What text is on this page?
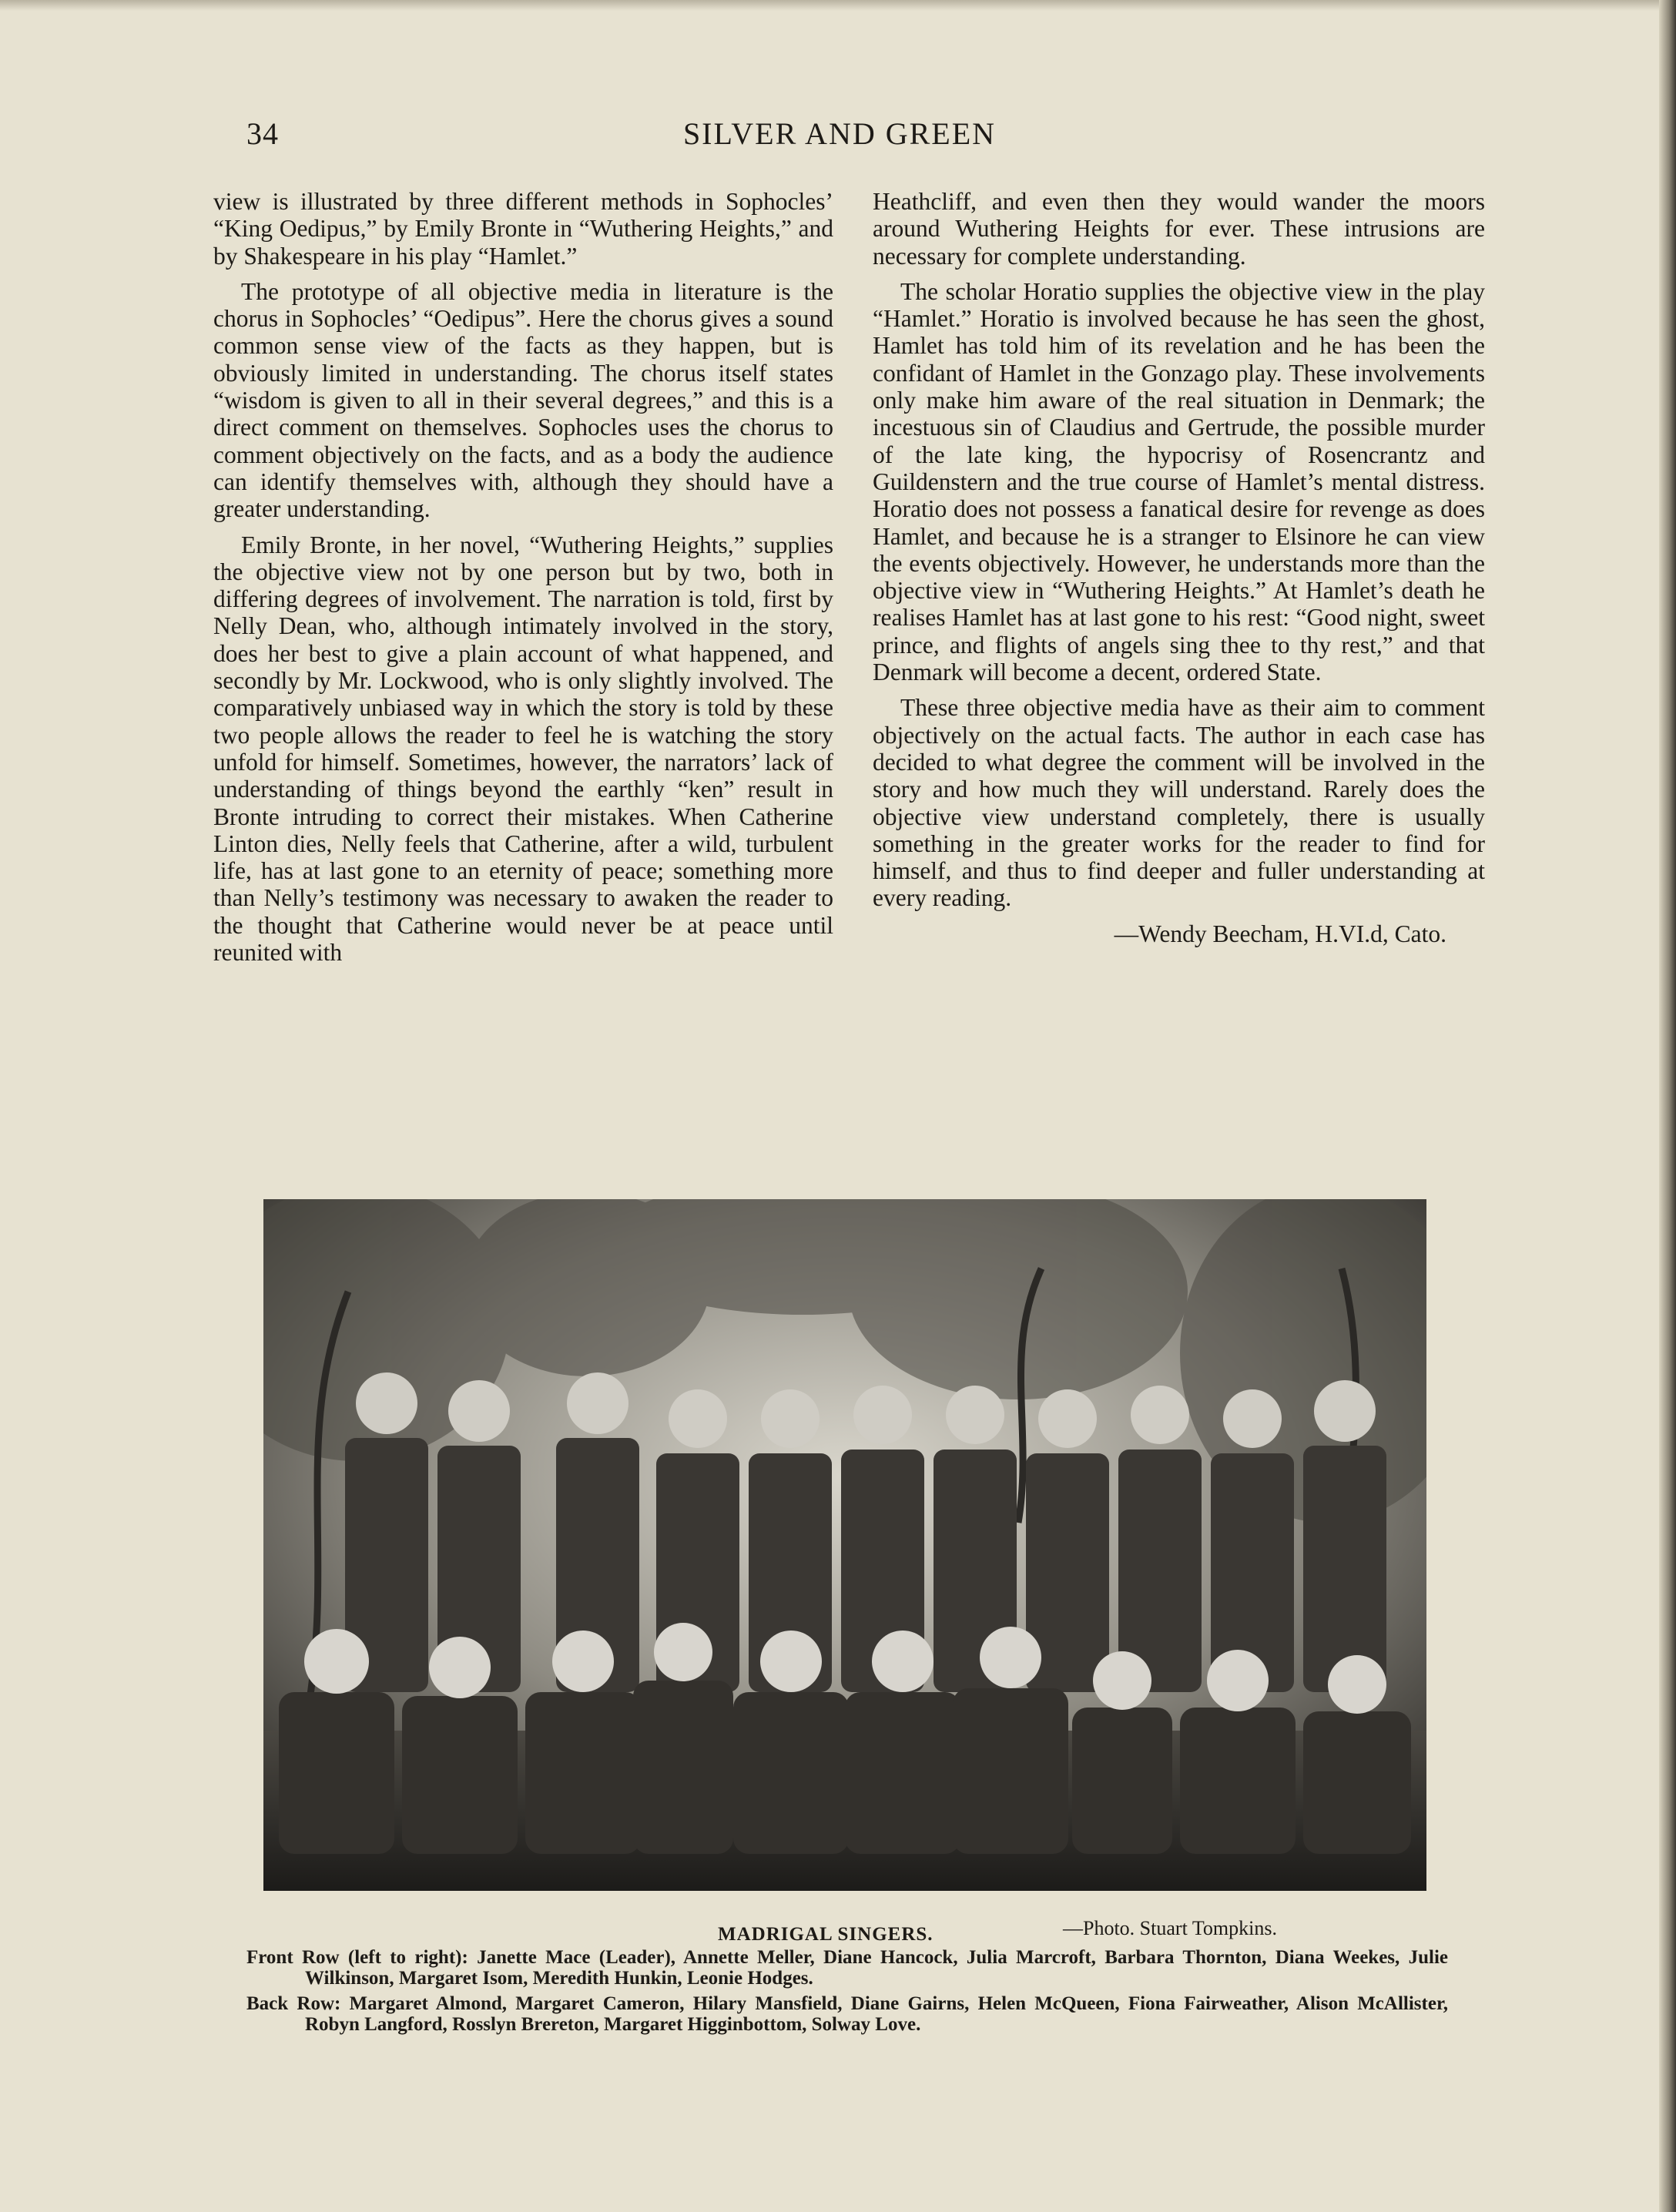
34	SILVER AND GREEN

view is illustrated by three different methods in Sophocles’ “King Oedipus,” by Emily Bronte in “Wuthering Heights,” and by Shakespeare in his play “Hamlet.”

The prototype of all objective media in literature is the chorus in Sophocles’ “Oedipus”. Here the chorus gives a sound common sense view of the facts as they happen, but is obviously limited in understanding. The chorus itself states “wisdom is given to all in their several degrees,” and this is a direct comment on themselves. Sophocles uses the chorus to comment objectively on the facts, and as a body the audience can identify themselves with, although they should have a greater understanding.

Emily Bronte, in her novel, “Wuthering Heights,” supplies the objective view not by one person but by two, both in differing degrees of involvement. The narration is told, first by Nelly Dean, who, although intimately involved in the story, does her best to give a plain account of what happened, and secondly by Mr. Lockwood, who is only slightly involved. The comparatively unbiased way in which the story is told by these two people allows the reader to feel he is watching the story unfold for himself. Sometimes, however, the narrators’ lack of understanding of things beyond the earthly “ken” result in Bronte intruding to correct their mistakes. When Catherine Linton dies, Nelly feels that Catherine, after a wild, turbulent life, has at last gone to an eternity of peace; something more than Nelly’s testimony was necessary to awaken the reader to the thought that Catherine would never be at peace until reunited with

Heathcliff, and even then they would wander the moors around Wuthering Heights for ever. These intrusions are necessary for complete understanding.

The scholar Horatio supplies the objective view in the play “Hamlet.” Horatio is involved because he has seen the ghost, Hamlet has told him of its revelation and he has been the confidant of Hamlet in the Gonzago play. These involvements only make him aware of the real situation in Denmark; the incestuous sin of Claudius and Gertrude, the possible murder of the late king, the hypocrisy of Rosencrantz and Guildenstern and the true course of Hamlet’s mental distress. Horatio does not possess a fanatical desire for revenge as does Hamlet, and because he is a stranger to Elsinore he can view the events objectively. However, he understands more than the objective view in “Wuthering Heights.” At Hamlet’s death he realises Hamlet has at last gone to his rest: “Good night, sweet prince, and flights of angels sing thee to thy rest,” and that Denmark will become a decent, ordered State.

These three objective media have as their aim to comment objectively on the actual facts. The author in each case has decided to what degree the comment will be involved in the story and how much they will understand. Rarely does the objective view understand completely, there is usually something in the greater works for the reader to find for himself, and thus to find deeper and fuller understanding at every reading.

—Wendy Beecham, H.VI.d, Cato.
MADRIGAL SINGERS.	—Photo. Stuart Tompkins.

Front Row (left to right): Janette Mace (Leader), Annette Meller, Diane Hancock, Julia Marcroft, Barbara Thornton, Diana Weekes, Julie Wilkinson, Margaret Isom, Meredith Hunkin, Leonie Hodges.

Back Row: Margaret Almond, Margaret Cameron, Hilary Mansfield, Diane Gairns, Helen McQueen, Fiona Fairweather, Alison McAllister, Robyn Langford, Rosslyn Brereton, Margaret Higginbottom, Solway Love.
